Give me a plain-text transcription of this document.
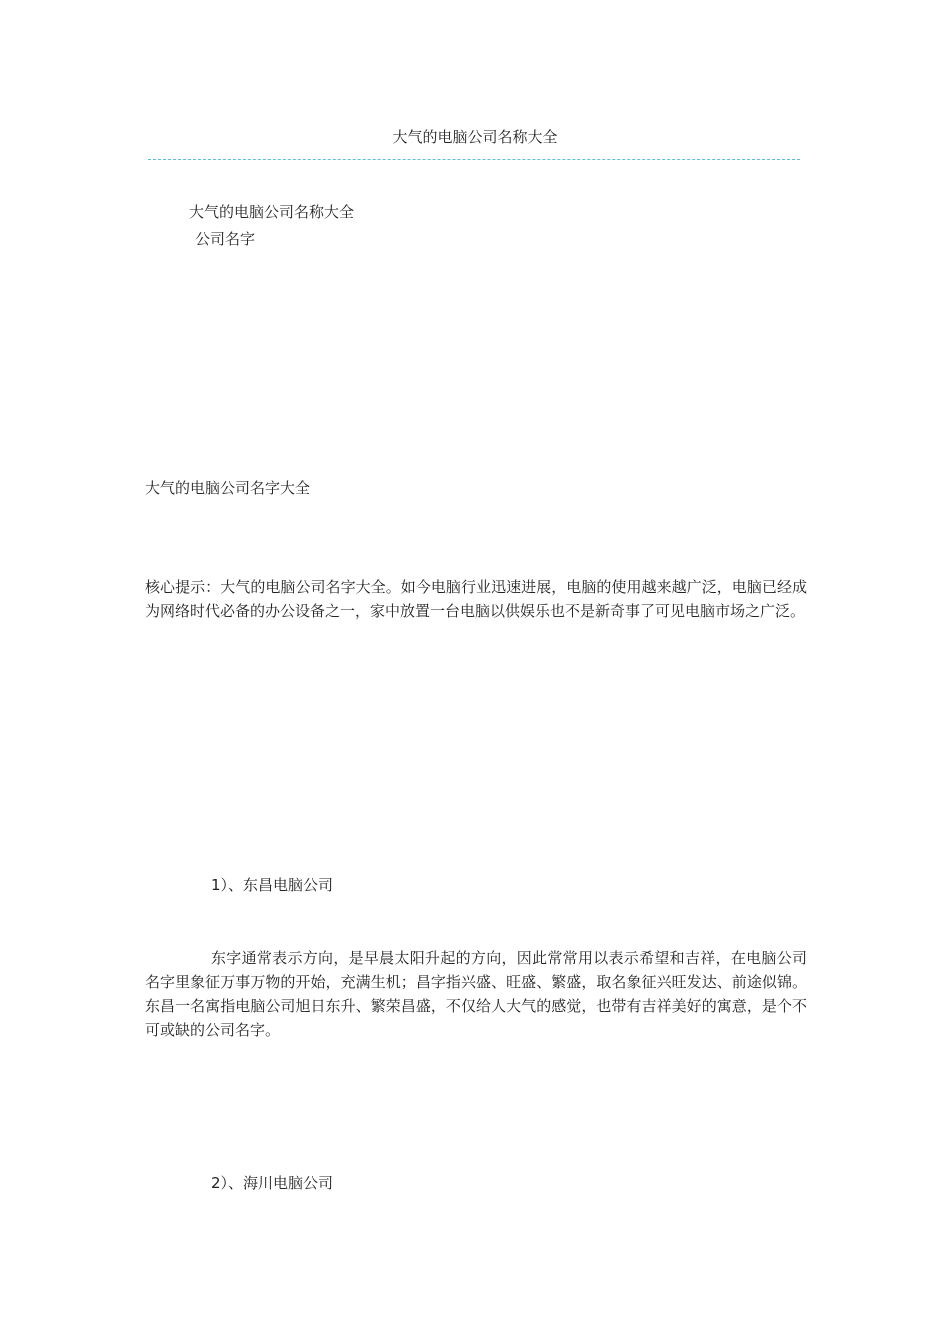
大气的电脑公司名称大全
大气的电脑公司名称大全
公司名字
大气的电脑公司名字大全
核心提示：大气的电脑公司名字大全。如今电脑行业迅速进展，电脑的使用越来越广泛，电脑已经成为网络时代必备的办公设备之一，家中放置一台电脑以供娱乐也不是新奇事了可见电脑市场之广泛。
1）、东昌电脑公司
东字通常表示方向，是早晨太阳升起的方向，因此常常用以表示希望和吉祥，在电脑公司名字里象征万事万物的开始，充满生机；昌字指兴盛、旺盛、繁盛，取名象征兴旺发达、前途似锦。东昌一名寓指电脑公司旭日东升、繁荣昌盛，不仅给人大气的感觉，也带有吉祥美好的寓意，是个不可或缺的公司名字。
2）、海川电脑公司
